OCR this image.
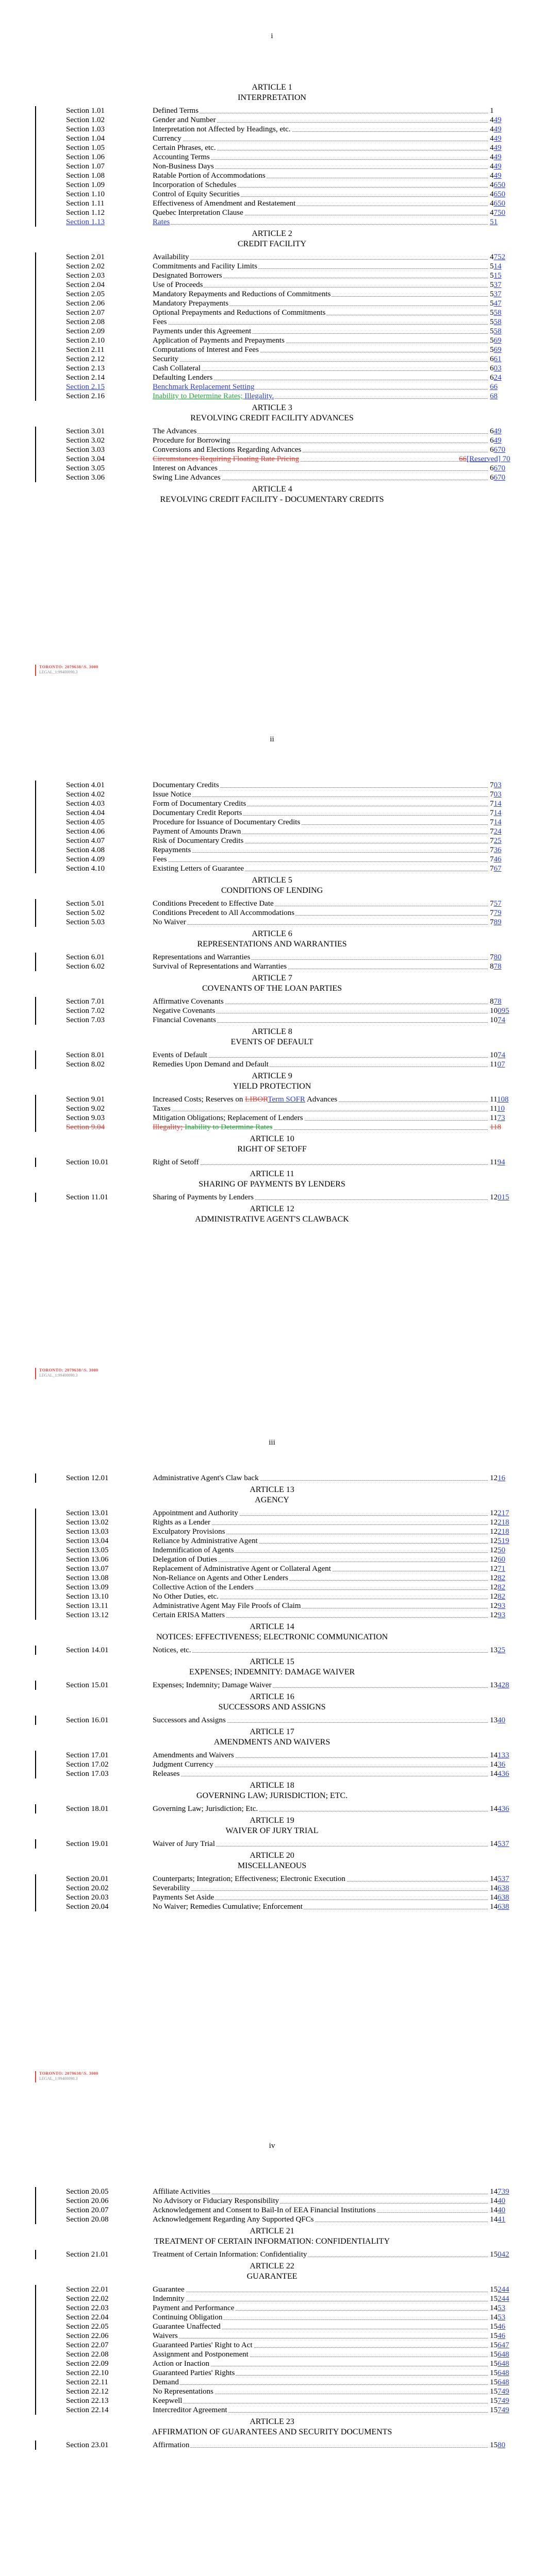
i
ARTICLE 1
INTERPRETATION
Section 1.01	Defined Terms	1
Section 1.02	Gender and Number	449
Section 1.03	Interpretation not Affected by Headings, etc.	449
Section 1.04	Currency	449
Section 1.05	Certain Phrases, etc.	449
Section 1.06	Accounting Terms	449
Section 1.07	Non-Business Days	449
Section 1.08	Ratable Portion of Accommodations	449
Section 1.09	Incorporation of Schedules	4650
Section 1.10	Control of Equity Securities	4650
Section 1.11	Effectiveness of Amendment and Restatement	4650
Section 1.12	Quebec Interpretation Clause	4750
Section 1.13	Rates	51
ARTICLE 2
CREDIT FACILITY
Section 2.01	Availability	4752
Section 2.02	Commitments and Facility Limits	514
Section 2.03	Designated Borrowers	515
Section 2.04	Use of Proceeds	537
Section 2.05	Mandatory Repayments and Reductions of Commitments	537
Section 2.06	Mandatory Prepayments	547
Section 2.07	Optional Prepayments and Reductions of Commitments	558
Section 2.08	Fees	558
Section 2.09	Payments under this Agreement	558
Section 2.10	Application of Payments and Prepayments	569
Section 2.11	Computations of Interest and Fees	569
Section 2.12	Security	661
Section 2.13	Cash Collateral	603
Section 2.14	Defaulting Lenders	624
Section 2.15	Benchmark Replacement Setting	66
Section 2.16	Inability to Determine Rates; Illegality.	68
ARTICLE 3
REVOLVING CREDIT FACILITY ADVANCES
Section 3.01	The Advances	649
Section 3.02	Procedure for Borrowing	649
Section 3.03	Conversions and Elections Regarding Advances	6670
Section 3.04	Circumstances Requiring Floating Rate Pricing	66[Reserved] 70
Section 3.05	Interest on Advances	6670
Section 3.06	Swing Line Advances	6670
ARTICLE 4
REVOLVING CREDIT FACILITY - DOCUMENTARY CREDITS
TORONTO: 2079638/\S. 3000
LEGAL_1:99400090.3
ii
Section 4.01	Documentary Credits	703
Section 4.02	Issue Notice	703
Section 4.03	Form of Documentary Credits	714
Section 4.04	Documentary Credit Reports	714
Section 4.05	Procedure for Issuance of Documentary Credits	714
Section 4.06	Payment of Amounts Drawn	724
Section 4.07	Risk of Documentary Credits	725
Section 4.08	Repayments	736
Section 4.09	Fees	746
Section 4.10	Existing Letters of Guarantee	767
ARTICLE 5
CONDITIONS OF LENDING
Section 5.01	Conditions Precedent to Effective Date	757
Section 5.02	Conditions Precedent to All Accommodations	779
Section 5.03	No Waiver	789
ARTICLE 6
REPRESENTATIONS AND WARRANTIES
Section 6.01	Representations and Warranties	780
Section 6.02	Survival of Representations and Warranties	878
ARTICLE 7
COVENANTS OF THE LOAN PARTIES
Section 7.01	Affirmative Covenants	878
Section 7.02	Negative Covenants	10095
Section 7.03	Financial Covenants	1074
ARTICLE 8
EVENTS OF DEFAULT
Section 8.01	Events of Default	1074
Section 8.02	Remedies Upon Demand and Default	1107
ARTICLE 9
YIELD PROTECTION
Section 9.01	Increased Costs; Reserves on LIBORTerm SOFR Advances	11108
Section 9.02	Taxes	1110
Section 9.03	Mitigation Obligations; Replacement of Lenders	1173
Section 9.04	Illegality; Inability to Determine Rates	118
ARTICLE 10
RIGHT OF SETOFF
Section 10.01	Right of Setoff	1194
ARTICLE 11
SHARING OF PAYMENTS BY LENDERS
Section 11.01	Sharing of Payments by Lenders	12015
ARTICLE 12
ADMINISTRATIVE AGENT'S CLAWBACK
TORONTO: 2079638/\S. 3000
LEGAL_1:99400090.3
iii
Section 12.01	Administrative Agent's Claw back	1216
ARTICLE 13
AGENCY
Section 13.01	Appointment and Authority	12217
Section 13.02	Rights as a Lender	12218
Section 13.03	Exculpatory Provisions	12218
Section 13.04	Reliance by Administrative Agent	12519
Section 13.05	Indemnification of Agents	1250
Section 13.06	Delegation of Duties	1260
Section 13.07	Replacement of Administrative Agent or Collateral Agent	1271
Section 13.08	Non-Reliance on Agents and Other Lenders	1282
Section 13.09	Collective Action of the Lenders	1282
Section 13.10	No Other Duties, etc.	1282
Section 13.11	Administrative Agent May File Proofs of Claim	1293
Section 13.12	Certain ERISA Matters	1293
ARTICLE 14
NOTICES: EFFECTIVENESS; ELECTRONIC COMMUNICATION
Section 14.01	Notices, etc.	1325
ARTICLE 15
EXPENSES; INDEMNITY: DAMAGE WAIVER
Section 15.01	Expenses; Indemnity; Damage Waiver	13428
ARTICLE 16
SUCCESSORS AND ASSIGNS
Section 16.01	Successors and Assigns	1340
ARTICLE 17
AMENDMENTS AND WAIVERS
Section 17.01	Amendments and Waivers	14133
Section 17.02	Judgment Currency	1436
Section 17.03	Releases	14436
ARTICLE 18
GOVERNING LAW; JURISDICTION; ETC.
Section 18.01	Governing Law; Jurisdiction; Etc.	14436
ARTICLE 19
WAIVER OF JURY TRIAL
Section 19.01	Waiver of Jury Trial	14537
ARTICLE 20
MISCELLANEOUS
Section 20.01	Counterparts; Integration; Effectiveness; Electronic Execution	14537
Section 20.02	Severability	14638
Section 20.03	Payments Set Aside	14638
Section 20.04	No Waiver; Remedies Cumulative; Enforcement	14638
TORONTO: 2079638/\S. 3000
LEGAL_1:99400090.3
iv
Section 20.05	Affiliate Activities	14739
Section 20.06	No Advisory or Fiduciary Responsibility	1440
Section 20.07	Acknowledgement and Consent to Bail-In of EEA Financial Institutions	1440
Section 20.08	Acknowledgement Regarding Any Supported QFCs	1441
ARTICLE 21
TREATMENT OF CERTAIN INFORMATION: CONFIDENTIALITY
Section 21.01	Treatment of Certain Information: Confidentiality	15042
ARTICLE 22
GUARANTEE
Section 22.01	Guarantee	15244
Section 22.02	Indemnity	15244
Section 22.03	Payment and Performance	1453
Section 22.04	Continuing Obligation	1453
Section 22.05	Guarantee Unaffected	1546
Section 22.06	Waivers	1546
Section 22.07	Guaranteed Parties' Right to Act	15647
Section 22.08	Assignment and Postponement	15648
Section 22.09	Action or Inaction	15648
Section 22.10	Guaranteed Parties' Rights	15648
Section 22.11	Demand	15648
Section 22.12	No Representations	15749
Section 22.13	Keepwell	15749
Section 22.14	Intercreditor Agreement	15749
ARTICLE 23
AFFIRMATION OF GUARANTEES AND SECURITY DOCUMENTS
Section 23.01	Affirmation	1580
